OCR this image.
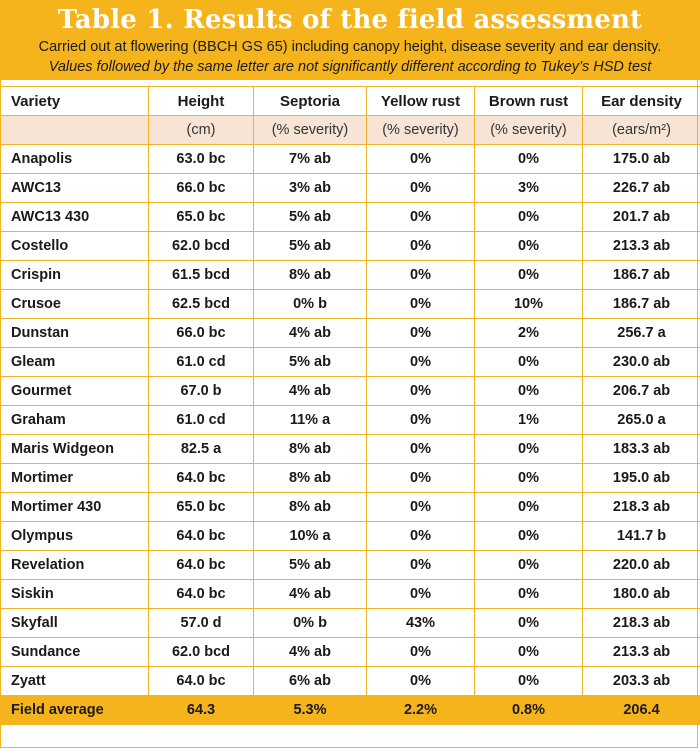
Table 1. Results of the field assessment
Carried out at flowering (BBCH GS 65) including canopy height, disease severity and ear density.
Values followed by the same letter are not significantly different according to Tukey’s HSD test
Variety	Height	Septoria	Yellow rust	Brown rust	Ear density
	(cm)	(% severity)	(% severity)	(% severity)	(ears/m²)
Anapolis	63.0 bc	7% ab	0%	0%	175.0 ab
AWC13	66.0 bc	3% ab	0%	3%	226.7 ab
AWC13 430	65.0 bc	5% ab	0%	0%	201.7 ab
Costello	62.0 bcd	5% ab	0%	0%	213.3 ab
Crispin	61.5 bcd	8% ab	0%	0%	186.7 ab
Crusoe	62.5 bcd	0% b	0%	10%	186.7 ab
Dunstan	66.0 bc	4% ab	0%	2%	256.7 a
Gleam	61.0 cd	5% ab	0%	0%	230.0 ab
Gourmet	67.0 b	4% ab	0%	0%	206.7 ab
Graham	61.0 cd	11% a	0%	1%	265.0 a
Maris Widgeon	82.5 a	8% ab	0%	0%	183.3 ab
Mortimer	64.0 bc	8% ab	0%	0%	195.0 ab
Mortimer 430	65.0 bc	8% ab	0%	0%	218.3 ab
Olympus	64.0 bc	10% a	0%	0%	141.7 b
Revelation	64.0 bc	5% ab	0%	0%	220.0 ab
Siskin	64.0 bc	4% ab	0%	0%	180.0 ab
Skyfall	57.0 d	0% b	43%	0%	218.3 ab
Sundance	62.0 bcd	4% ab	0%	0%	213.3 ab
Zyatt	64.0 bc	6% ab	0%	0%	203.3 ab
Field average	64.3	5.3%	2.2%	0.8%	206.4
